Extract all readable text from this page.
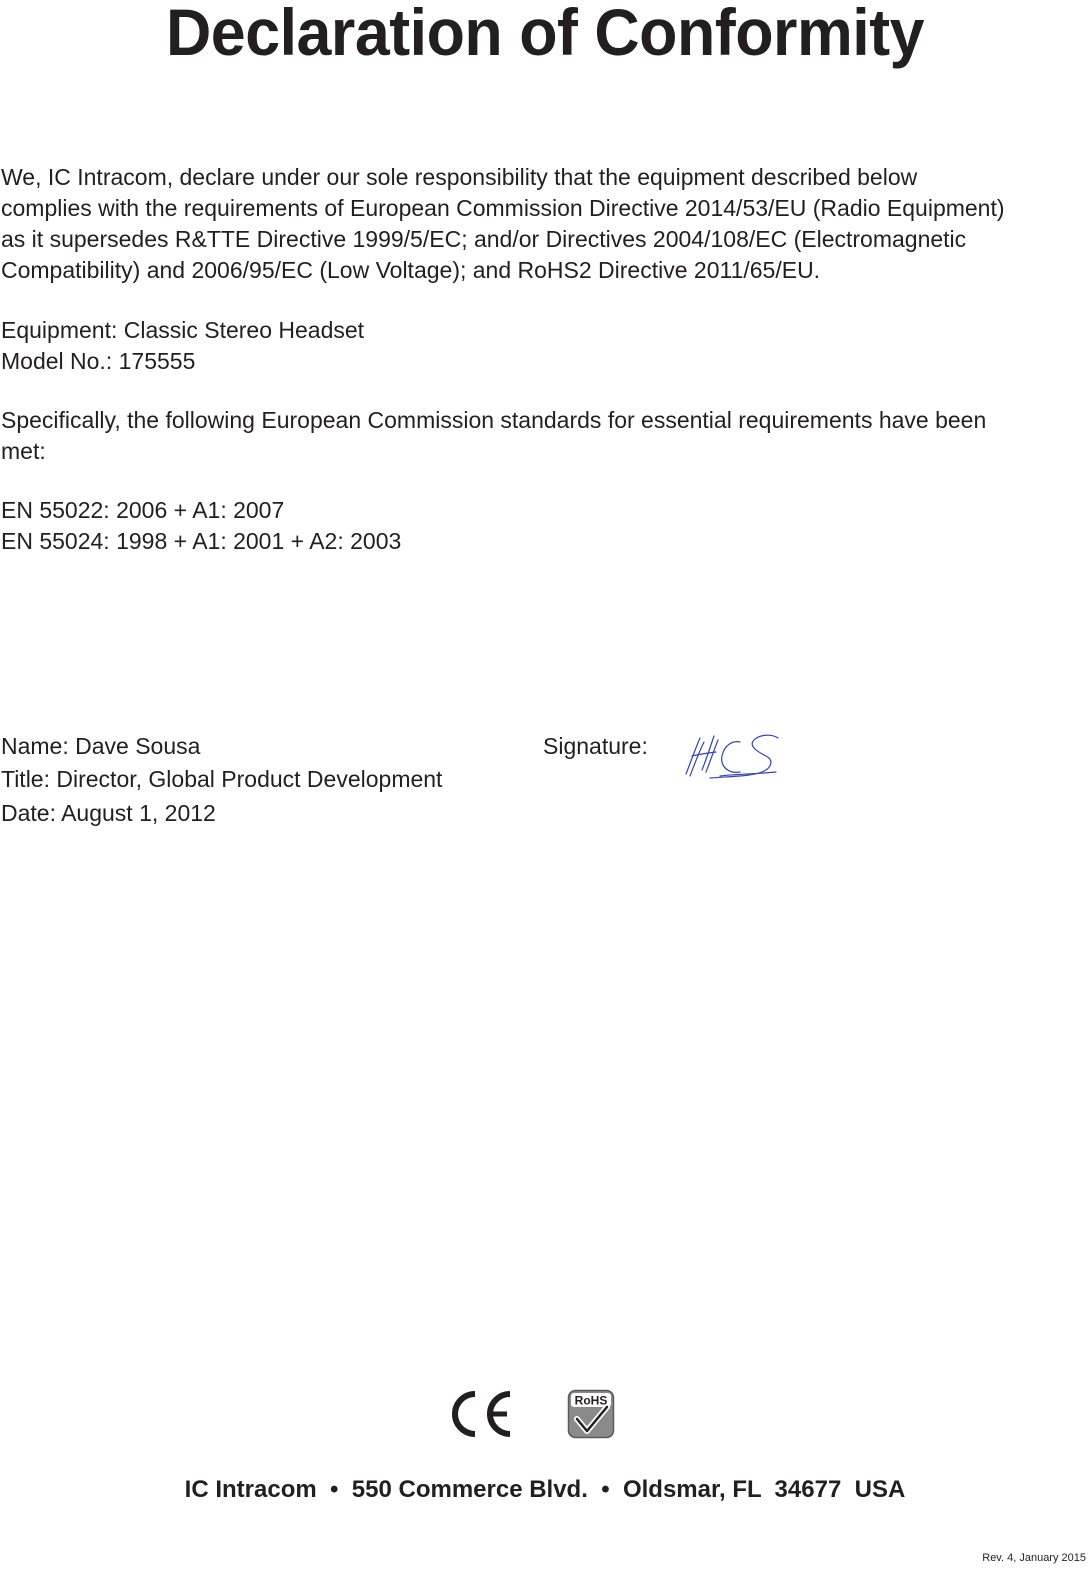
Declaration of Conformity

We, IC Intracom, declare under our sole responsibility that the equipment described below
complies with the requirements of European Commission Directive 2014/53/EU (Radio Equipment)
as it supersedes R&TTE Directive 1999/5/EC; and/or Directives 2004/108/EC (Electromagnetic
Compatibility) and 2006/95/EC (Low Voltage); and RoHS2 Directive 2011/65/EU.

Equipment: Classic Stereo Headset
Model No.: 175555

Specifically, the following European Commission standards for essential requirements have been
met:

EN 55022: 2006 + A1: 2007
EN 55024: 1998 + A1: 2001 + A2: 2003

Name: Dave Sousa

Title: Director, Global Product Development

Date: August 1, 2012

Signature:

RoHS

IC Intracom  •  550 Commerce Blvd.  •  Oldsmar, FL  34677  USA

Rev. 4, January 2015
